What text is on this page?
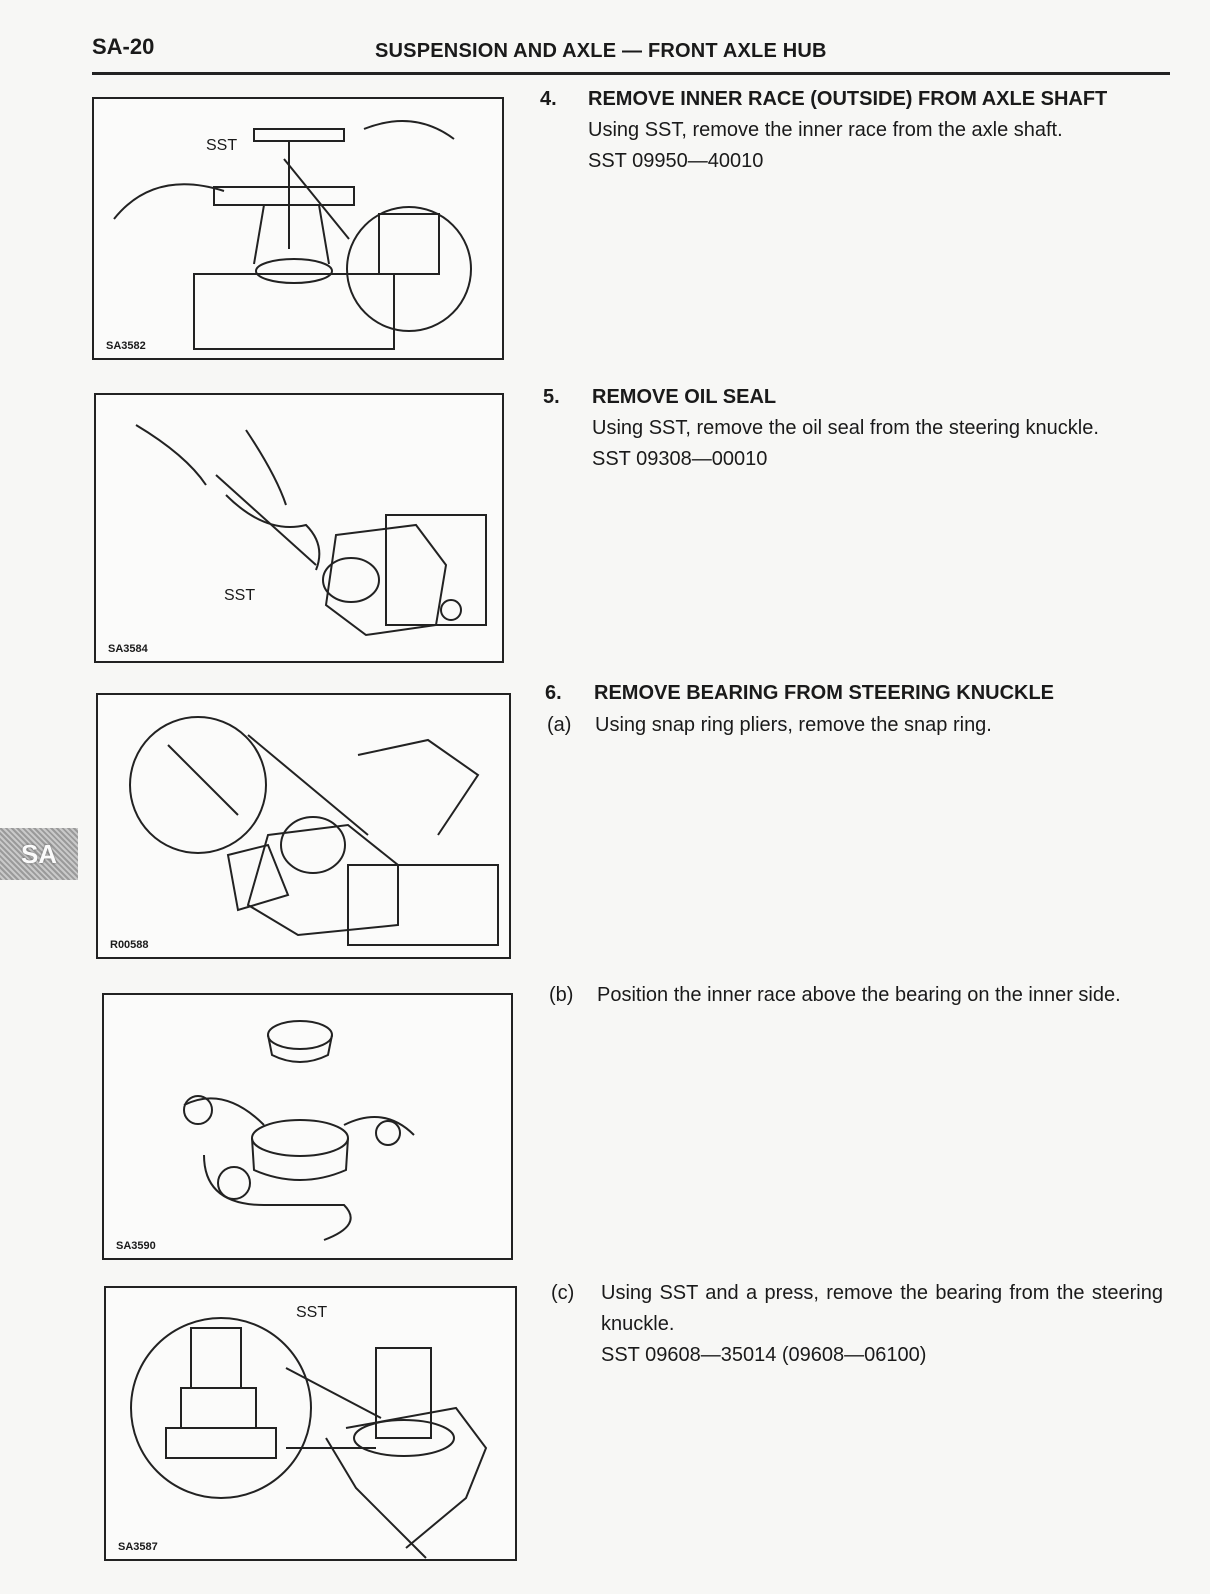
SA-20	SUSPENSION AND AXLE — FRONT AXLE HUB
SA
SST
SA3582
SST
SA3584
R00588
SA3590
SST
SA3587
4. REMOVE INNER RACE (OUTSIDE) FROM AXLE SHAFT
Using SST, remove the inner race from the axle shaft.
SST 09950—40010
5. REMOVE OIL SEAL
Using SST, remove the oil seal from the steering knuckle.
SST 09308—00010
6. REMOVE BEARING FROM STEERING KNUCKLE
(a) Using snap ring pliers, remove the snap ring.
(b) Position the inner race above the bearing on the inner side.
(c) Using SST and a press, remove the bearing from the steering knuckle.
SST 09608—35014 (09608—06100)
